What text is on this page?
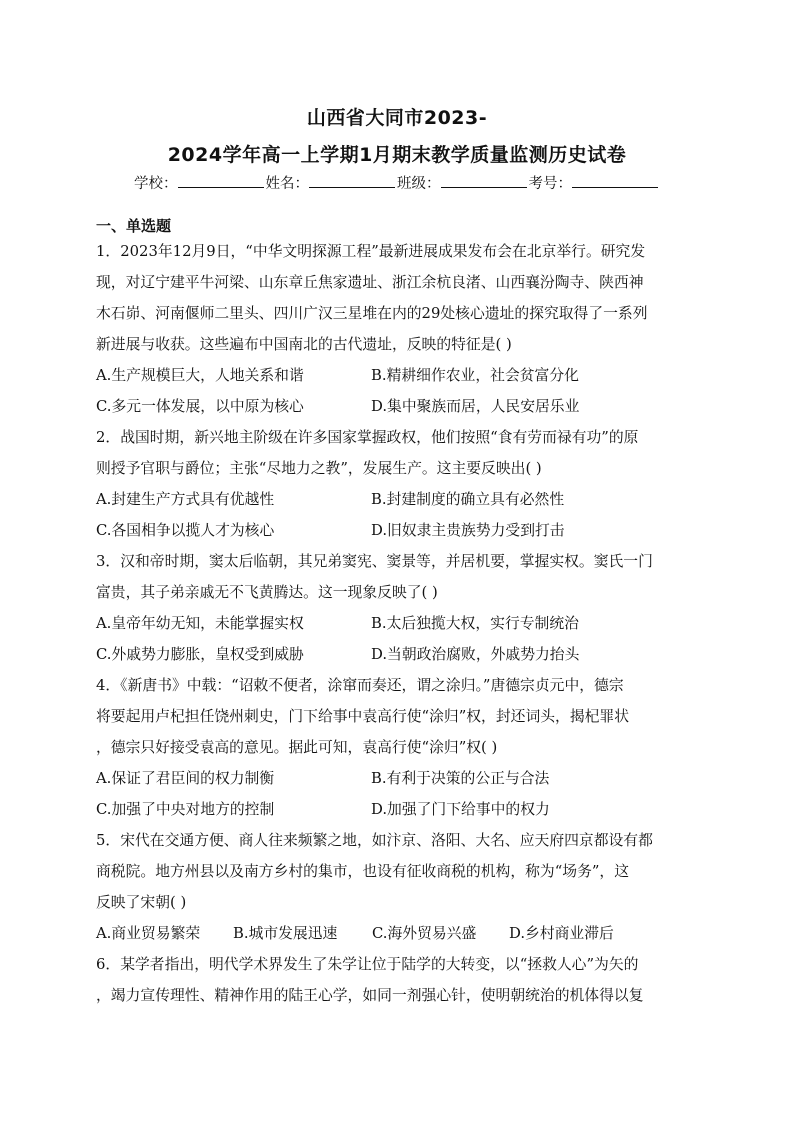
山西省大同市2023-
2024学年高一上学期1月期末教学质量监测历史试卷
学校：	姓名：	班级：	考号：
一、单选题
1．2023年12月9日，“中华文明探源工程”最新进展成果发布会在北京举行。研究发
现，对辽宁建平牛河梁、山东章丘焦家遗址、浙江余杭良渚、山西襄汾陶寺、陕西神
木石峁、河南偃师二里头、四川广汉三星堆在内的29处核心遗址的探究取得了一系列
新进展与收获。这些遍布中国南北的古代遗址，反映的特征是( )
A.生产规模巨大，人地关系和谐	B.精耕细作农业，社会贫富分化
C.多元一体发展，以中原为核心	D.集中聚族而居，人民安居乐业
2．战国时期，新兴地主阶级在许多国家掌握政权，他们按照“食有劳而禄有功”的原
则授予官职与爵位；主张“尽地力之教”，发展生产。这主要反映出( )
A.封建生产方式具有优越性	B.封建制度的确立具有必然性
C.各国相争以揽人才为核心	D.旧奴隶主贵族势力受到打击
3．汉和帝时期，窦太后临朝，其兄弟窦宪、窦景等，并居机要，掌握实权。窦氏一门
富贵，其子弟亲戚无不飞黄腾达。这一现象反映了( )
A.皇帝年幼无知，未能掌握实权	B.太后独揽大权，实行专制统治
C.外戚势力膨胀，皇权受到威胁	D.当朝政治腐败，外戚势力抬头
4．《新唐书》中载：“诏敕不便者，涂窜而奏还，谓之涂归。”唐德宗贞元中，德宗
将要起用卢杞担任饶州刺史，门下给事中袁高行使“涂归”权，封还词头，揭杞罪状
，德宗只好接受袁高的意见。据此可知，袁高行使“涂归”权( )
A.保证了君臣间的权力制衡	B.有利于决策的公正与合法
C.加强了中央对地方的控制	D.加强了门下给事中的权力
5．宋代在交通方便、商人往来频繁之地，如汴京、洛阳、大名、应天府四京都设有都
商税院。地方州县以及南方乡村的集市，也设有征收商税的机构，称为“场务”，这
反映了宋朝( )
A.商业贸易繁荣 B.城市发展迅速 C.海外贸易兴盛 D.乡村商业滞后
6．某学者指出，明代学术界发生了朱学让位于陆学的大转变，以“拯救人心”为矢的
，竭力宣传理性、精神作用的陆王心学，如同一剂强心针，使明朝统治的机体得以复
